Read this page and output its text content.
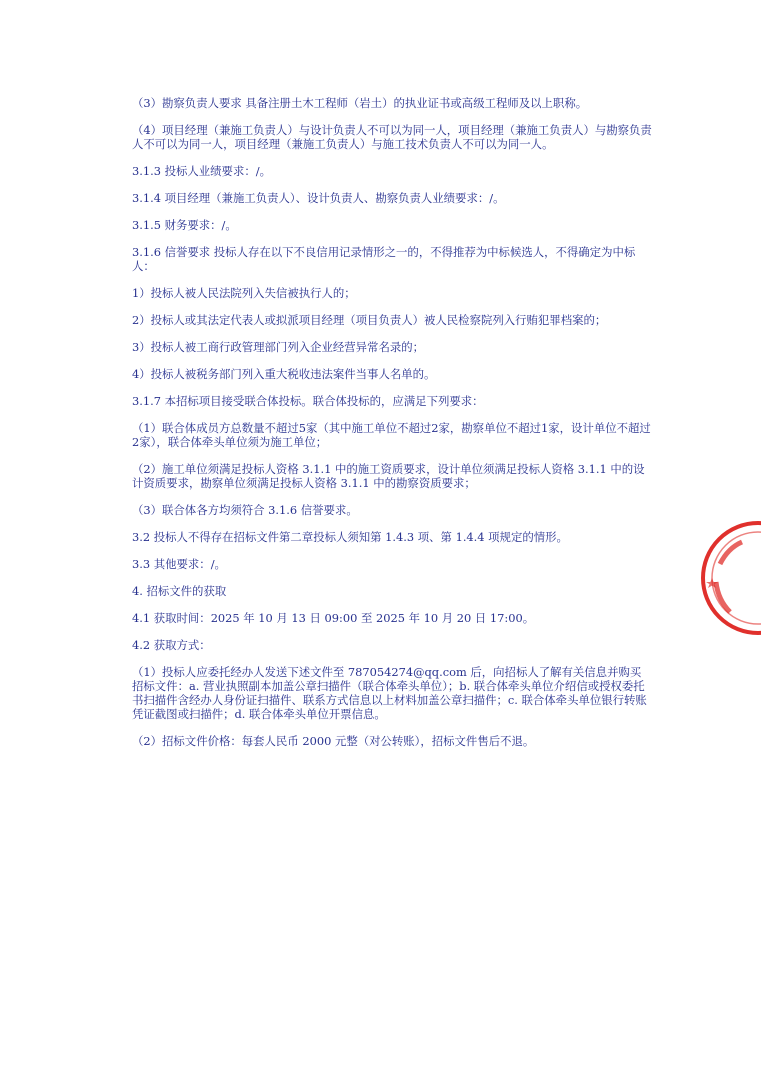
（3）勘察负责人要求 具备注册土木工程师（岩土）的执业证书或高级工程师及以上职称。

（4）项目经理（兼施工负责人）与设计负责人不可以为同一人，项目经理（兼施工负责人）与勘察负责人不可以为同一人，项目经理（兼施工负责人）与施工技术负责人不可以为同一人。

3.1.3 投标人业绩要求：/。

3.1.4 项目经理（兼施工负责人）、设计负责人、勘察负责人业绩要求：/。

3.1.5 财务要求：/。

3.1.6 信誉要求 投标人存在以下不良信用记录情形之一的，不得推荐为中标候选人，不得确定为中标人：

1）投标人被人民法院列入失信被执行人的；

2）投标人或其法定代表人或拟派项目经理（项目负责人）被人民检察院列入行贿犯罪档案的；

3）投标人被工商行政管理部门列入企业经营异常名录的；

4）投标人被税务部门列入重大税收违法案件当事人名单的。

3.1.7 本招标项目接受联合体投标。联合体投标的，应满足下列要求：

（1）联合体成员方总数量不超过5家（其中施工单位不超过2家，勘察单位不超过1家，设计单位不超过2家），联合体牵头单位须为施工单位；

（2）施工单位须满足投标人资格 3.1.1 中的施工资质要求，设计单位须满足投标人资格 3.1.1 中的设计资质要求，勘察单位须满足投标人资格 3.1.1 中的勘察资质要求；

（3）联合体各方均须符合 3.1.6 信誉要求。

3.2 投标人不得存在招标文件第二章投标人须知第 1.4.3 项、第 1.4.4 项规定的情形。

3.3 其他要求：/。

4. 招标文件的获取

4.1 获取时间：2025 年 10 月 13 日 09:00 至 2025 年 10 月 20 日 17:00。

4.2 获取方式：

（1）投标人应委托经办人发送下述文件至 787054274@qq.com 后，向招标人了解有关信息并购买招标文件：a. 营业执照副本加盖公章扫描件（联合体牵头单位）；b. 联合体牵头单位介绍信或授权委托书扫描件含经办人身份证扫描件、联系方式信息以上材料加盖公章扫描件；c. 联合体牵头单位银行转账凭证截图或扫描件；d. 联合体牵头单位开票信息。

（2）招标文件价格：每套人民币 2000 元整（对公转账），招标文件售后不退。
